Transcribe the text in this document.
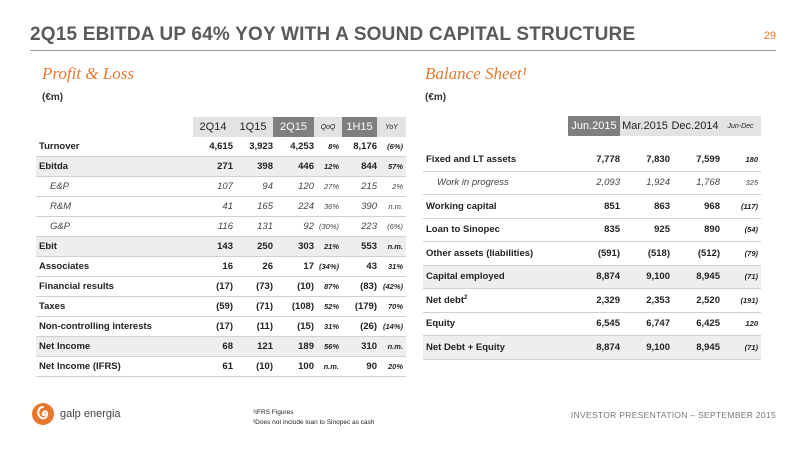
2Q15 EBITDA UP 64% YOY WITH A SOUND CAPITAL STRUCTURE	29
Profit & Loss
(€m)
	2Q14	1Q15	2Q15	QoQ	1H15	YoY
Turnover	4,615	3,923	4,253	8%	8,176	(6%)
Ebitda	271	398	446	12%	844	57%
E&P	107	94	120	27%	215	2%
R&M	41	165	224	36%	390	n.m.
G&P	116	131	92	(30%)	223	(6%)
Ebit	143	250	303	21%	553	n.m.
Associates	16	26	17	(34%)	43	31%
Financial results	(17)	(73)	(10)	87%	(83)	(42%)
Taxes	(59)	(71)	(108)	52%	(179)	70%
Non-controlling interests	(17)	(11)	(15)	31%	(26)	(14%)
Net Income	68	121	189	56%	310	n.m.
Net Income (IFRS)	61	(10)	100	n.m.	90	20%
Balance Sheet¹
(€m)
	Jun.2015	Mar.2015	Dec.2014	Jun-Dec

Fixed and LT assets	7,778	7,830	7,599	180
Work in progress	2,093	1,924	1,768	325
Working capital	851	863	968	(117)
Loan to Sinopec	835	925	890	(54)
Other assets (liabilities)	(591)	(518)	(512)	(79)
Capital employed	8,874	9,100	8,945	(71)
Net debt$^2$	2,329	2,353	2,520	(191)
Equity	6,545	6,747	6,425	120
Net Debt + Equity	8,874	9,100	8,945	(71)
galp energia	¹IFRS Figures
²Does not include loan to Sinopec as cash
INVESTOR PRESENTATION – SEPTEMBER 2015
